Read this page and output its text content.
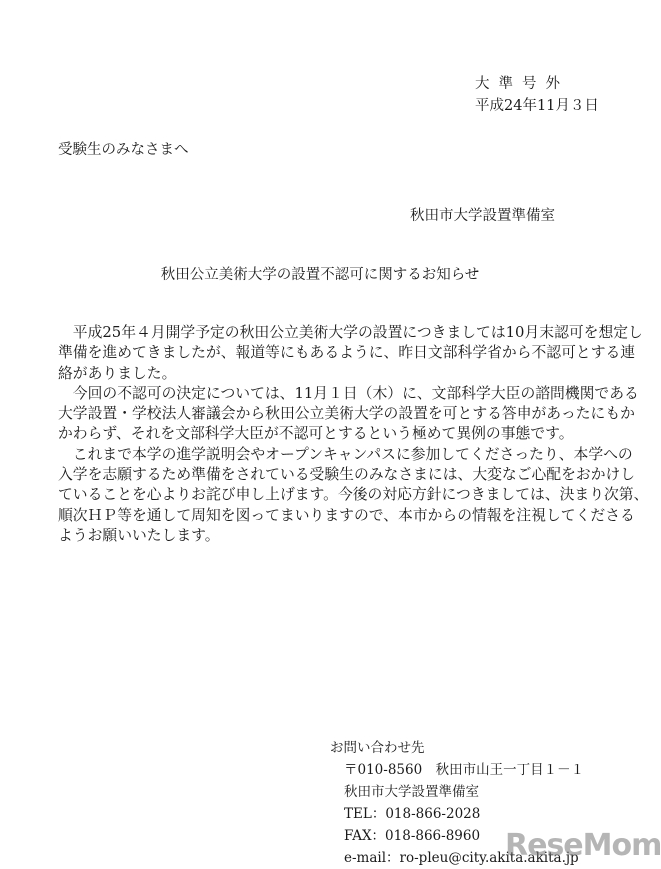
大準号外
平成24年11月３日
受験生のみなさまへ
秋田市大学設置準備室
秋田公立美術大学の設置不認可に関するお知らせ
　平成25年４月開学予定の秋田公立美術大学の設置につきましては10月末認可を想定し
準備を進めてきましたが、報道等にもあるように、昨日文部科学省から不認可とする連
絡がありました。
　今回の不認可の決定については、11月１日（木）に、文部科学大臣の諮問機関である
大学設置・学校法人審議会から秋田公立美術大学の設置を可とする答申があったにもか
かわらず、それを文部科学大臣が不認可とするという極めて異例の事態です。
　これまで本学の進学説明会やオープンキャンパスに参加してくださったり、本学への
入学を志願するため準備をされている受験生のみなさまには、大変なご心配をおかけし
ていることを心よりお詫び申し上げます。今後の対応方針につきましては、決まり次第、
順次ＨＰ等を通して周知を図ってまいりますので、本市からの情報を注視してくださる
ようお願いいたします。
お問い合わせ先
〒010-8560　秋田市山王一丁目１－１
秋田市大学設置準備室
TEL：018-866-2028
FAX：018-866-8960
e-mail：ro-pleu@city.akita.akita.jp
ReseMom
